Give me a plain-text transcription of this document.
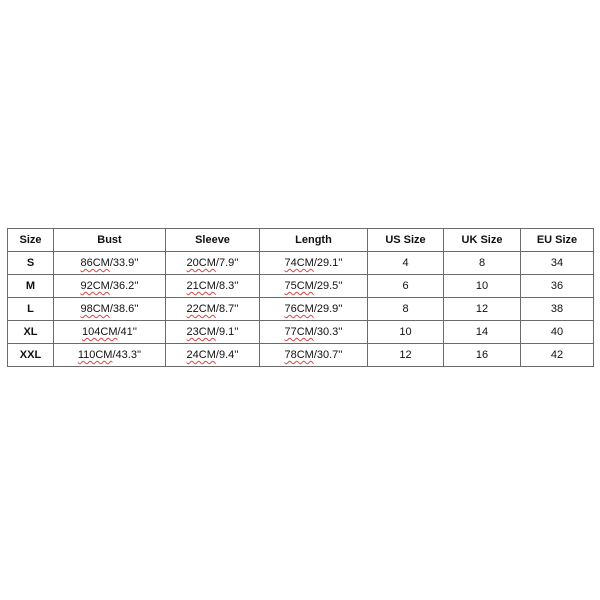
Size	Bust	Sleeve	Length	US Size	UK Size	EU Size
S	86CM/33.9''	20CM/7.9''	74CM/29.1''	4	8	34
M	92CM/36.2''	21CM/8.3''	75CM/29.5''	6	10	36
L	98CM/38.6''	22CM/8.7''	76CM/29.9''	8	12	38
XL	104CM/41''	23CM/9.1''	77CM/30.3''	10	14	40
XXL	110CM/43.3''	24CM/9.4''	78CM/30.7''	12	16	42
